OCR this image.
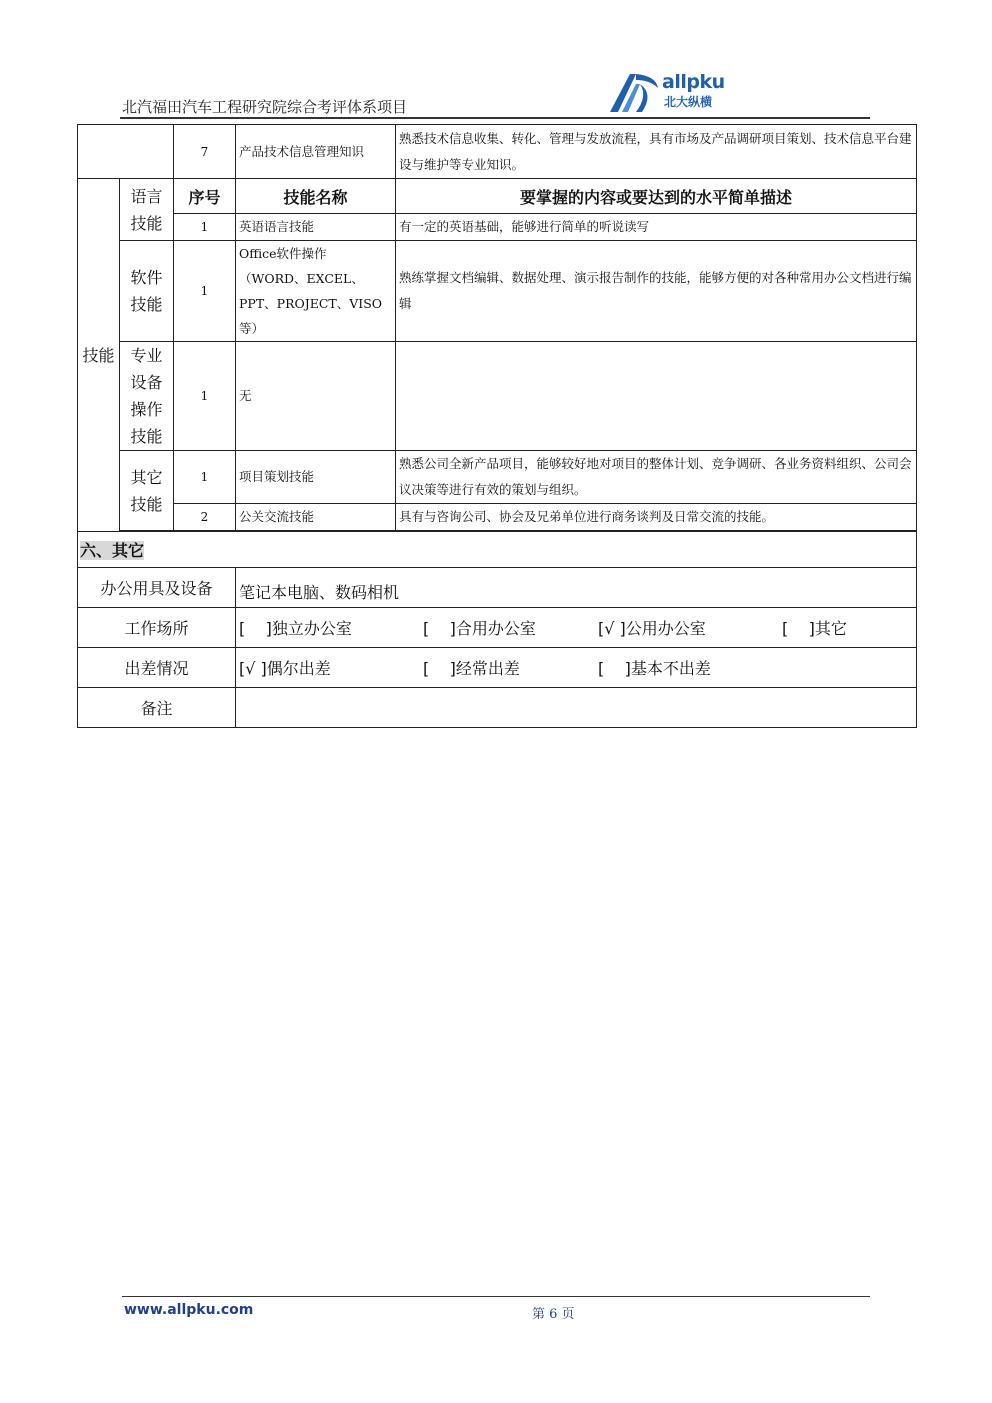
北汽福田汽车工程研究院综合考评体系项目
allpku
北大纵横
		7	产品技术信息管理知识	熟悉技术信息收集、转化、管理与发放流程，具有市场及产品调研项目策划、技术信息平台建设与维护等专业知识。
技能	语言技能	序号	技能名称	要掌握的内容或要达到的水平简单描述
		1	英语语言技能	有一定的英语基础，能够进行简单的听说读写
	软件技能	1	Office软件操作（WORD、EXCEL、PPT、PROJECT、VISO等）	熟练掌握文档编辑、数据处理、演示报告制作的技能，能够方便的对各种常用办公文档进行编辑
	专业设备操作技能	1	无	
	其它技能	1	项目策划技能	熟悉公司全新产品项目，能够较好地对项目的整体计划、竞争调研、各业务资料组织、公司会议决策等进行有效的策划与组织。
		2	公关交流技能	具有与咨询公司、协会及兄弟单位进行商务谈判及日常交流的技能。

六、其它				
办公用具及设备			笔记本电脑、数码相机	
工作场所			[    ]独立办公室 [    ]合用办公室 [√ ]公用办公室 [    ]其它	
出差情况			[√ ]偶尔出差 [    ]经常出差 [    ]基本不出差	
备注				
www.allpku.com	第 6 页
